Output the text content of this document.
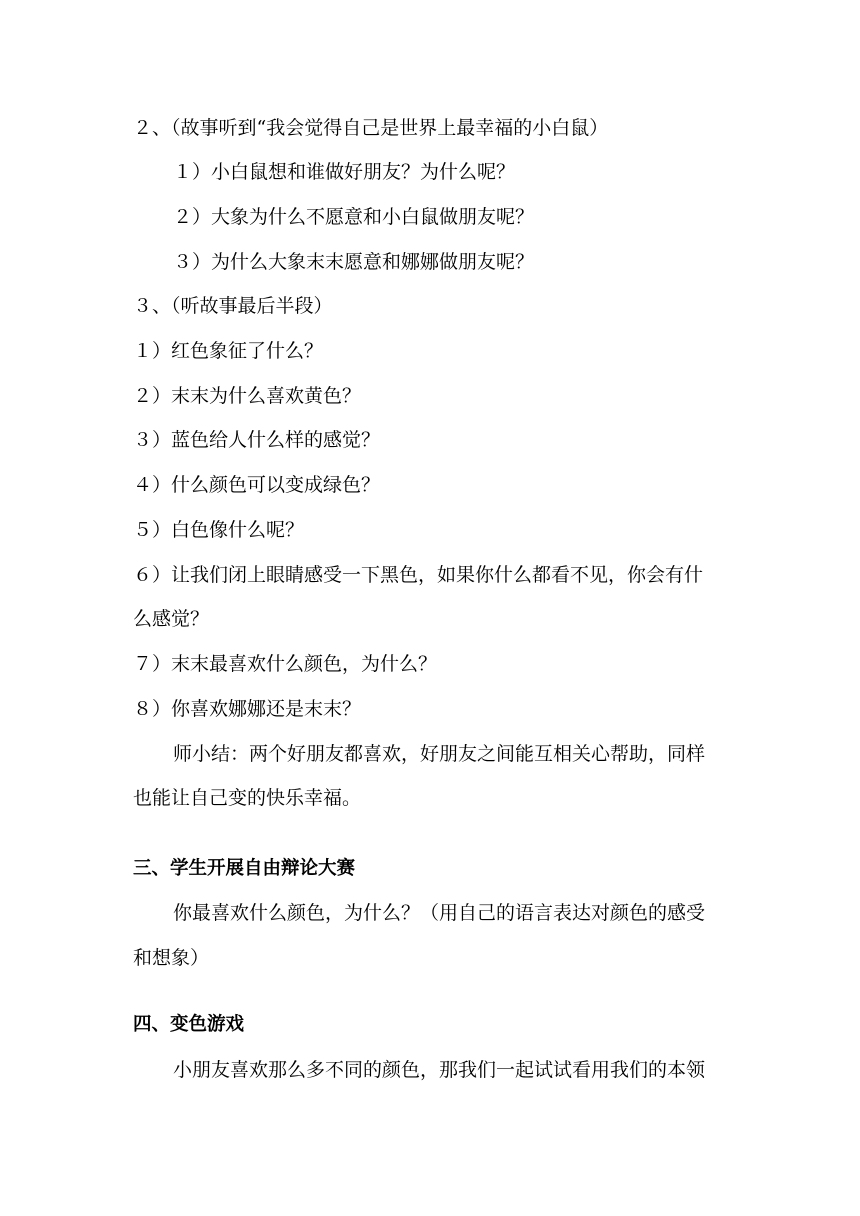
２、（故事听到“我会觉得自己是世界上最幸福的小白鼠）
１）小白鼠想和谁做好朋友？为什么呢？
２）大象为什么不愿意和小白鼠做朋友呢？
３）为什么大象末末愿意和娜娜做朋友呢？
３、（听故事最后半段）
１）红色象征了什么？
２）末末为什么喜欢黄色？
３）蓝色给人什么样的感觉？
４）什么颜色可以变成绿色？
５）白色像什么呢？
６）让我们闭上眼睛感受一下黑色，如果你什么都看不见，你会有什
么感觉？
７）末末最喜欢什么颜色，为什么？
８）你喜欢娜娜还是末末？
师小结：两个好朋友都喜欢，好朋友之间能互相关心帮助，同样
也能让自己变的快乐幸福。
三、学生开展自由辩论大赛
你最喜欢什么颜色，为什么？（用自己的语言表达对颜色的感受
和想象）
四、变色游戏
小朋友喜欢那么多不同的颜色，那我们一起试试看用我们的本领
